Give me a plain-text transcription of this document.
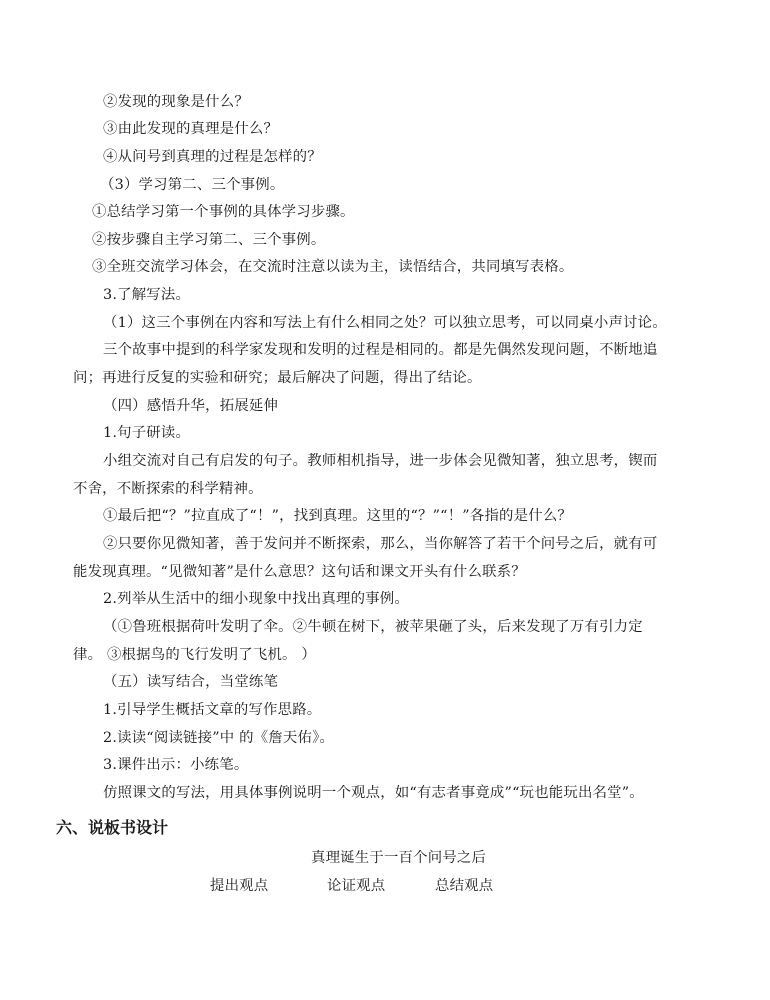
②发现的现象是什么？
③由此发现的真理是什么？
④从问号到真理的过程是怎样的？
（3）学习第二、三个事例。
①总结学习第一个事例的具体学习步骤。
②按步骤自主学习第二、三个事例。
③全班交流学习体会，在交流时注意以读为主，读悟结合，共同填写表格。
3.了解写法。
（1）这三个事例在内容和写法上有什么相同之处？可以独立思考，可以同桌小声讨论。
三个故事中提到的科学家发现和发明的过程是相同的。都是先偶然发现问题，不断地追
问；再进行反复的实验和研究；最后解决了问题，得出了结论。
（四）感悟升华，拓展延伸
1.句子研读。
小组交流对自己有启发的句子。教师相机指导，进一步体会见微知著，独立思考，锲而
不舍，不断探索的科学精神。
①最后把“？”拉直成了“！”，找到真理。这里的“？”“！”各指的是什么？
②只要你见微知著，善于发问并不断探索，那么，当你解答了若干个问号之后，就有可
能发现真理。“见微知著”是什么意思？这句话和课文开头有什么联系？
2.列举从生活中的细小现象中找出真理的事例。
（①鲁班根据荷叶发明了伞。②牛顿在树下，被苹果砸了头，后来发现了万有引力定
律。 ③根据鸟的飞行发明了飞机。 ）
（五）读写结合，当堂练笔
1.引导学生概括文章的写作思路。
2.读读“阅读链接”中 的《詹天佑》。
3.课件出示：小练笔。
仿照课文的写法，用具体事例说明一个观点，如“有志者事竟成”“玩也能玩出名堂”。
六、说板书设计
真理诞生于一百个问号之后
提出观点	论证观点	总结观点
